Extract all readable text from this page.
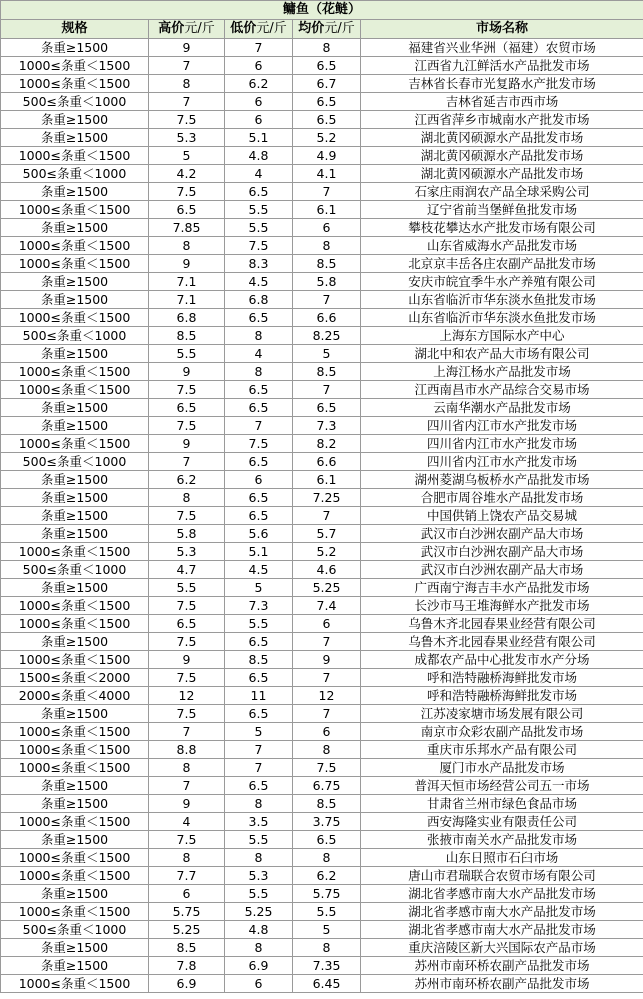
鳙鱼（花鲢）				
规格	高价元/斤	低价元/斤	均价元/斤	市场名称
条重≥1500	9	7	8	福建省兴业华洲（福建）农贸市场
1000≤条重＜1500	7	6	6.5	江西省九江鲜活水产品批发市场
1000≤条重＜1500	8	6.2	6.7	吉林省长春市光复路水产批发市场
500≤条重＜1000	7	6	6.5	吉林省延吉市西市场
条重≥1500	7.5	6	6.5	江西省萍乡市城南水产批发市场
条重≥1500	5.3	5.1	5.2	湖北黄冈硕源水产品批发市场
1000≤条重＜1500	5	4.8	4.9	湖北黄冈硕源水产品批发市场
500≤条重＜1000	4.2	4	4.1	湖北黄冈硕源水产品批发市场
条重≥1500	7.5	6.5	7	石家庄雨润农产品全球采购公司
1000≤条重＜1500	6.5	5.5	6.1	辽宁省前当堡鲜鱼批发市场
条重≥1500	7.85	5.5	6	攀枝花攀达水产批发市场有限公司
1000≤条重＜1500	8	7.5	8	山东省威海水产品批发市场
1000≤条重＜1500	9	8.3	8.5	北京京丰岳各庄农副产品批发市场
条重≥1500	7.1	4.5	5.8	安庆市皖宜季牛水产养殖有限公司
条重≥1500	7.1	6.8	7	山东省临沂市华东淡水鱼批发市场
1000≤条重＜1500	6.8	6.5	6.6	山东省临沂市华东淡水鱼批发市场
500≤条重＜1000	8.5	8	8.25	上海东方国际水产中心
条重≥1500	5.5	4	5	湖北中和农产品大市场有限公司
1000≤条重＜1500	9	8	8.5	上海江杨水产品批发市场
1000≤条重＜1500	7.5	6.5	7	江西南昌市水产品综合交易市场
条重≥1500	6.5	6.5	6.5	云南华潮水产品批发市场
条重≥1500	7.5	7	7.3	四川省内江市水产批发市场
1000≤条重＜1500	9	7.5	8.2	四川省内江市水产批发市场
500≤条重＜1000	7	6.5	6.6	四川省内江市水产批发市场
条重≥1500	6.2	6	6.1	湖州菱湖乌板桥水产品批发市场
条重≥1500	8	6.5	7.25	合肥市周谷堆水产品批发市场
条重≥1500	7.5	6.5	7	中国供销上饶农产品交易城
条重≥1500	5.8	5.6	5.7	武汉市白沙洲农副产品大市场
1000≤条重＜1500	5.3	5.1	5.2	武汉市白沙洲农副产品大市场
500≤条重＜1000	4.7	4.5	4.6	武汉市白沙洲农副产品大市场
条重≥1500	5.5	5	5.25	广西南宁海吉丰水产品批发市场
1000≤条重＜1500	7.5	7.3	7.4	长沙市马王堆海鲜水产批发市场
1000≤条重＜1500	6.5	5.5	6	乌鲁木齐北园春果业经营有限公司
条重≥1500	7.5	6.5	7	乌鲁木齐北园春果业经营有限公司
1000≤条重＜1500	9	8.5	9	成都农产品中心批发市水产分场
1500≤条重＜2000	7.5	6.5	7	呼和浩特融桥海鲜批发市场
2000≤条重＜4000	12	11	12	呼和浩特融桥海鲜批发市场
条重≥1500	7.5	6.5	7	江苏凌家塘市场发展有限公司
1000≤条重＜1500	7	5	6	南京市众彩农副产品批发市场
1000≤条重＜1500	8.8	7	8	重庆市乐邦水产品有限公司
1000≤条重＜1500	8	7	7.5	厦门市水产品批发市场
条重≥1500	7	6.5	6.75	普洱天恒市场经营公司五一市场
条重≥1500	9	8	8.5	甘肃省兰州市绿色食品市场
1000≤条重＜1500	4	3.5	3.75	西安海隆实业有限责任公司
条重≥1500	7.5	5.5	6.5	张掖市南关水产品批发市场
1000≤条重＜1500	8	8	8	山东日照市石臼市场
1000≤条重＜1500	7.7	5.3	6.2	唐山市君瑞联合农贸市场有限公司
条重≥1500	6	5.5	5.75	湖北省孝感市南大水产品批发市场
1000≤条重＜1500	5.75	5.25	5.5	湖北省孝感市南大水产品批发市场
500≤条重＜1000	5.25	4.8	5	湖北省孝感市南大水产品批发市场
条重≥1500	8.5	8	8	重庆涪陵区新大兴国际农产品市场
条重≥1500	7.8	6.9	7.35	苏州市南环桥农副产品批发市场
1000≤条重＜1500	6.9	6	6.45	苏州市南环桥农副产品批发市场
